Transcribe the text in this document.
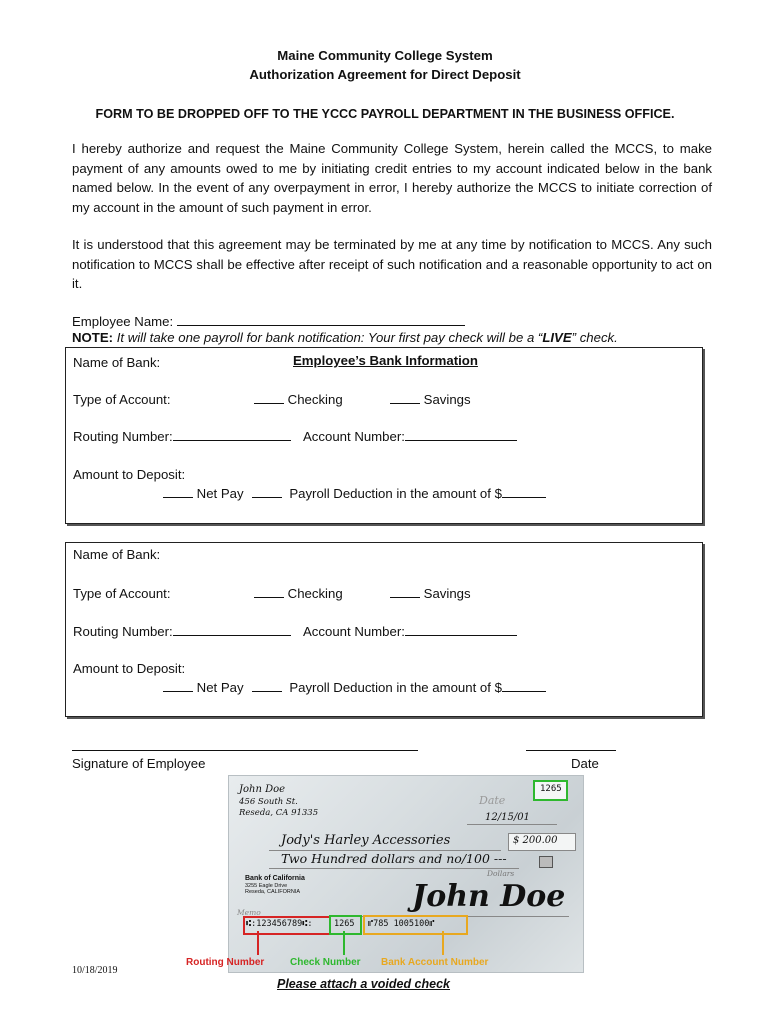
Maine Community College System
Authorization Agreement for Direct Deposit
FORM TO BE DROPPED OFF TO THE YCCC PAYROLL DEPARTMENT IN THE BUSINESS OFFICE.
I hereby authorize and request the Maine Community College System, herein called the MCCS, to make payment of any amounts owed to me by initiating credit entries to my account indicated below in the bank named below. In the event of any overpayment in error, I hereby authorize the MCCS to initiate correction of my account in the amount of such payment in error.
It is understood that this agreement may be terminated by me at any time by notification to MCCS. Any such notification to MCCS shall be effective after receipt of such notification and a reasonable opportunity to act on it.
Employee Name:
NOTE: It will take one payroll for bank notification: Your first pay check will be a “LIVE” check.
Name of Bank:	Employee’s Bank Information
Type of Account:	Checking	Savings
Routing Number:	Account Number:
Amount to Deposit:
Net Pay	Payroll Deduction in the amount of $
Name of Bank:
Type of Account:	Checking	Savings
Routing Number:	Account Number:
Amount to Deposit:
Net Pay	Payroll Deduction in the amount of $
Signature of Employee	Date
John Doe
456 South St.
Reseda, CA 91335
1265
Date
12/15/01
Jody's Harley Accessories	$ 200.00
Two Hundred dollars and no/100 ---
Dollars
Bank of California
3255 Eagle Drive
Reseda, CALIFORNIA	John Doe
Memo
⑆:123456789⑆:	1265 ⑈785 1005100⑈
Routing Number	Check Number Bank Account Number
10/18/2019
Please attach a voided check
